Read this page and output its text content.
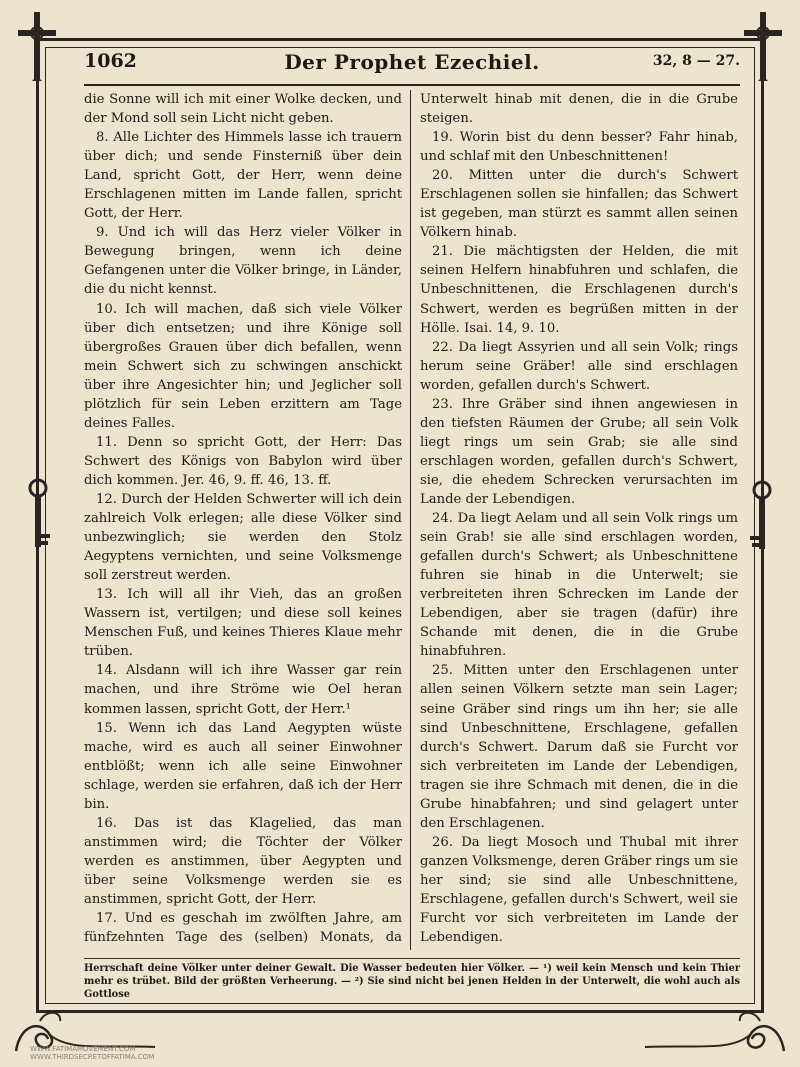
1062	Der Prophet Ezechiel.	32, 8 — 27.

die Sonne will ich mit einer Wolke decken, und der Mond soll sein Licht nicht geben.

8. Alle Lichter des Himmels lasse ich trauern über dich; und sende Finsterniß über dein Land, spricht Gott, der Herr, wenn deine Erschlagenen mitten im Lande fallen, spricht Gott, der Herr.

9. Und ich will das Herz vieler Völker in Bewegung bringen, wenn ich deine Gefangenen unter die Völker bringe, in Länder, die du nicht kennst.

10. Ich will machen, daß sich viele Völker über dich entsetzen; und ihre Könige soll übergroßes Grauen über dich befallen, wenn mein Schwert sich zu schwingen anschickt über ihre Angesichter hin; und Jeglicher soll plötzlich für sein Leben erzittern am Tage deines Falles.

11. Denn so spricht Gott, der Herr: Das Schwert des Königs von Babylon wird über dich kommen. Jer. 46, 9. ff. 46, 13. ff.

12. Durch der Helden Schwerter will ich dein zahlreich Volk erlegen; alle diese Völker sind unbezwinglich; sie werden den Stolz Aegyptens vernichten, und seine Volksmenge soll zerstreut werden.

13. Ich will all ihr Vieh, das an großen Wassern ist, vertilgen; und diese soll keines Menschen Fuß, und keines Thieres Klaue mehr trüben.

14. Alsdann will ich ihre Wasser gar rein machen, und ihre Ströme wie Oel heran kommen lassen, spricht Gott, der Herr.¹

15. Wenn ich das Land Aegypten wüste mache, wird es auch all seiner Einwohner entblößt; wenn ich alle seine Einwohner schlage, werden sie erfahren, daß ich der Herr bin.

16. Das ist das Klagelied, das man anstimmen wird; die Töchter der Völker werden es anstimmen, über Aegypten und über seine Volksmenge werden sie es anstimmen, spricht Gott, der Herr.

17. Und es geschah im zwölften Jahre, am fünfzehnten Tage des (selben) Monats, da

Unterwelt hinab mit denen, die in die Grube steigen.

19. Worin bist du denn besser? Fahr hinab, und schlaf mit den Unbeschnittenen!

20. Mitten unter die durch's Schwert Erschlagenen sollen sie hinfallen; das Schwert ist gegeben, man stürzt es sammt allen seinen Völkern hinab.

21. Die mächtigsten der Helden, die mit seinen Helfern hinabfuhren und schlafen, die Unbeschnittenen, die Erschlagenen durch's Schwert, werden es begrüßen mitten in der Hölle. Isai. 14, 9. 10.

22. Da liegt Assyrien und all sein Volk; rings herum seine Gräber! alle sind erschlagen worden, gefallen durch's Schwert.

23. Ihre Gräber sind ihnen angewiesen in den tiefsten Räumen der Grube; all sein Volk liegt rings um sein Grab; sie alle sind erschlagen worden, gefallen durch's Schwert, sie, die ehedem Schrecken verursachten im Lande der Lebendigen.

24. Da liegt Aelam und all sein Volk rings um sein Grab! sie alle sind erschlagen worden, gefallen durch's Schwert; als Unbeschnittene fuhren sie hinab in die Unterwelt; sie verbreiteten ihren Schrecken im Lande der Lebendigen, aber sie tragen (dafür) ihre Schande mit denen, die in die Grube hinabfuhren.

25. Mitten unter den Erschlagenen unter allen seinen Völkern setzte man sein Lager; seine Gräber sind rings um ihn her; sie alle sind Unbeschnittene, Erschlagene, gefallen durch's Schwert. Darum daß sie Furcht vor sich verbreiteten im Lande der Lebendigen, tragen sie ihre Schmach mit denen, die in die Grube hinabfahren; und sind gelagert unter den Erschlagenen.

26. Da liegt Mosoch und Thubal mit ihrer ganzen Volksmenge, deren Gräber rings um sie her sind; sie sind alle Unbeschnittene, Erschlagene, gefallen durch's Schwert, weil sie Furcht vor sich verbreiteten im Lande der Lebendigen.

Herrschaft deine Völker unter deiner Gewalt. Die Wasser bedeuten hier Völker. — ¹) weil kein Mensch und kein Thier mehr es trübet. Bild der größten Verheerung. — ²) Sie sind nicht bei jenen Helden in der Unterwelt, die wohl auch als Gottlose

WWW.FATIMAMOVEMENT.COM
WWW.THIRDSECRETOFFATIMA.COM
